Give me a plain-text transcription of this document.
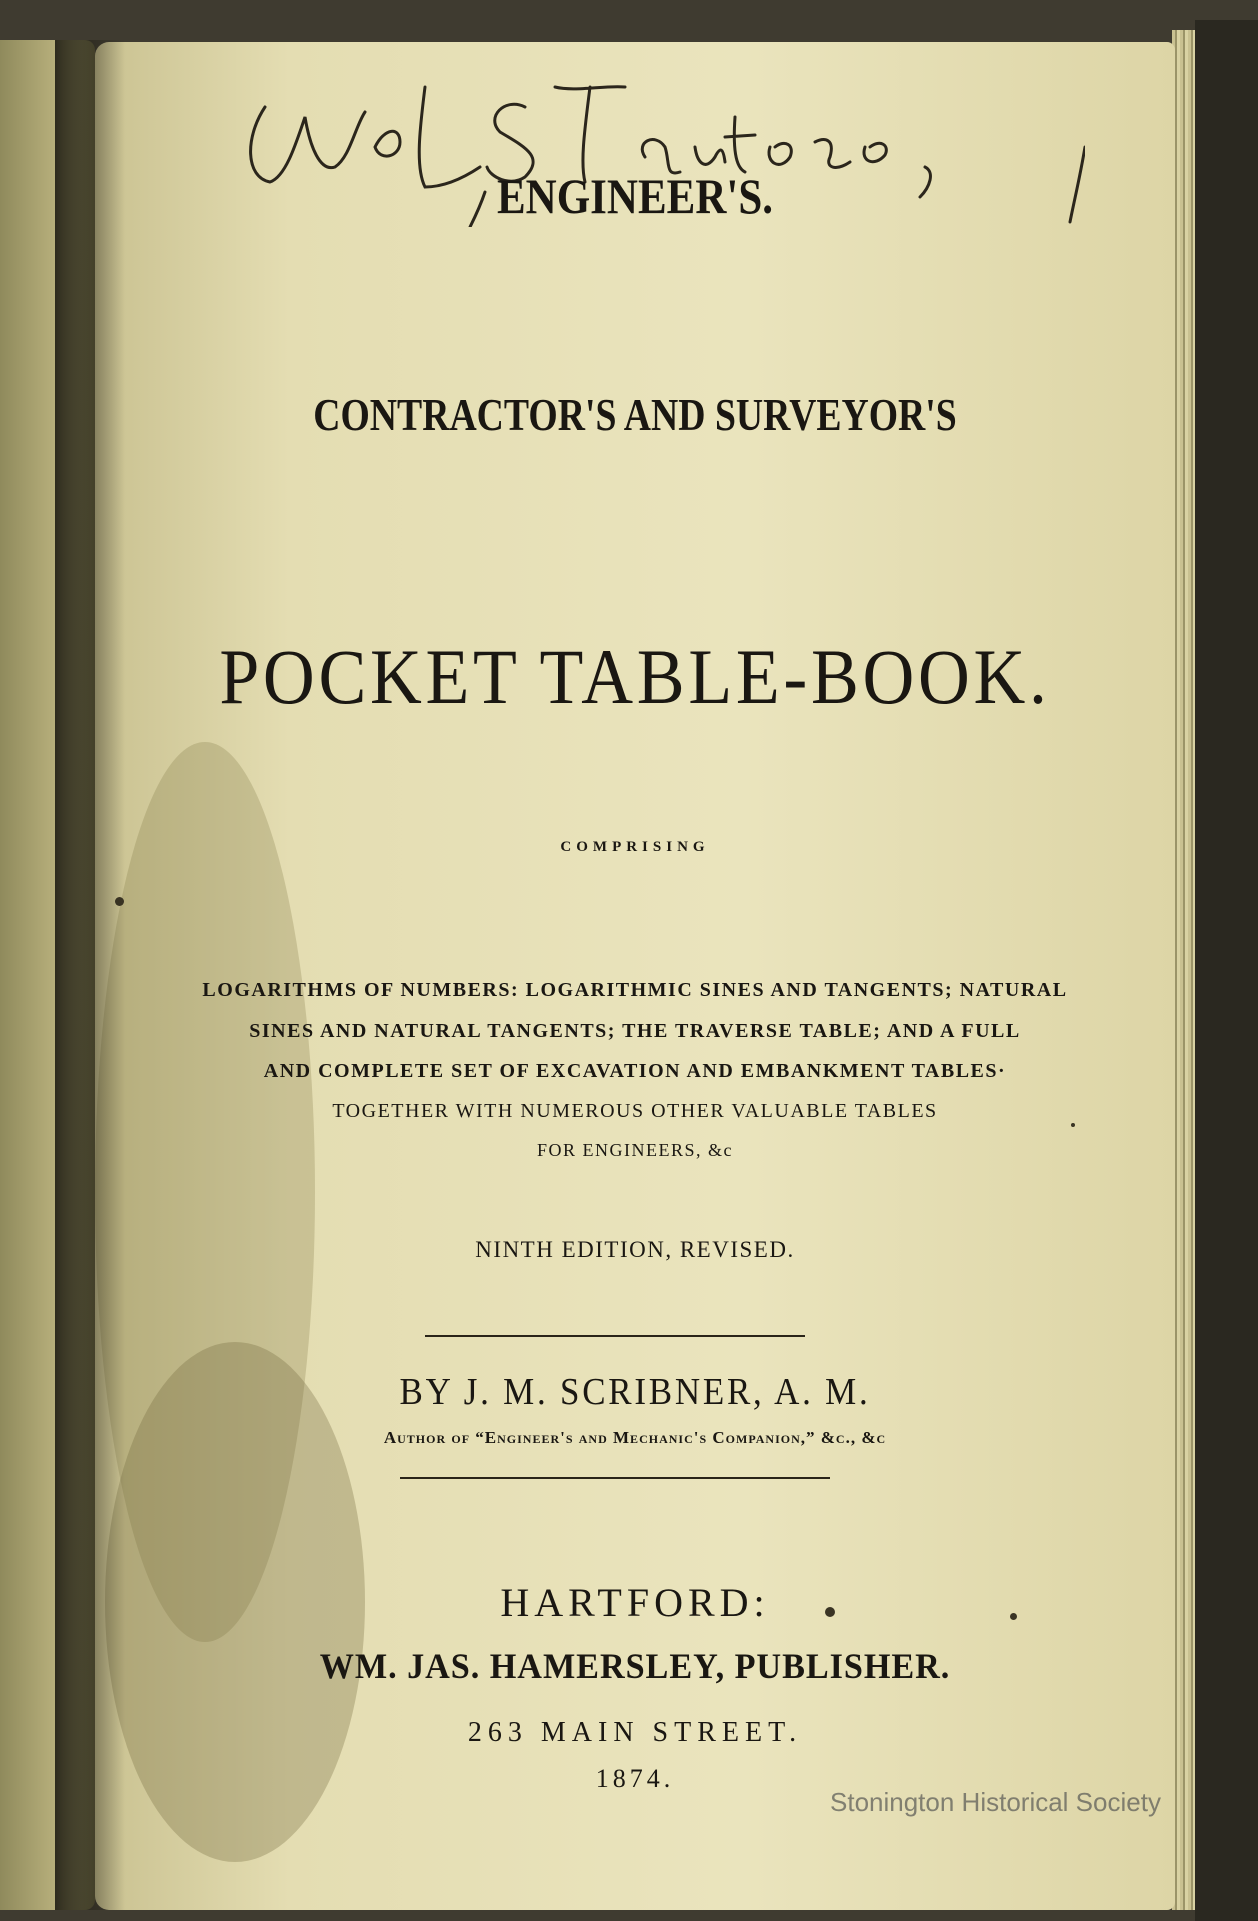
ENGINEER'S.
CONTRACTOR'S AND SURVEYOR'S
POCKET TABLE-BOOK.
COMPRISING
LOGARITHMS OF NUMBERS: LOGARITHMIC SINES AND TANGENTS; NATURAL
SINES AND NATURAL TANGENTS; THE TRAVERSE TABLE; AND A FULL
AND COMPLETE SET OF EXCAVATION AND EMBANKMENT TABLES·
TOGETHER WITH NUMEROUS OTHER VALUABLE TABLES
FOR ENGINEERS, &c
NINTH EDITION, REVISED.
BY J. M. SCRIBNER, A. M.
Author of “Engineer's and Mechanic's Companion,” &c., &c
HARTFORD:
WM. JAS. HAMERSLEY, PUBLISHER.
263 MAIN STREET.
1874.
Stonington Historical Society
